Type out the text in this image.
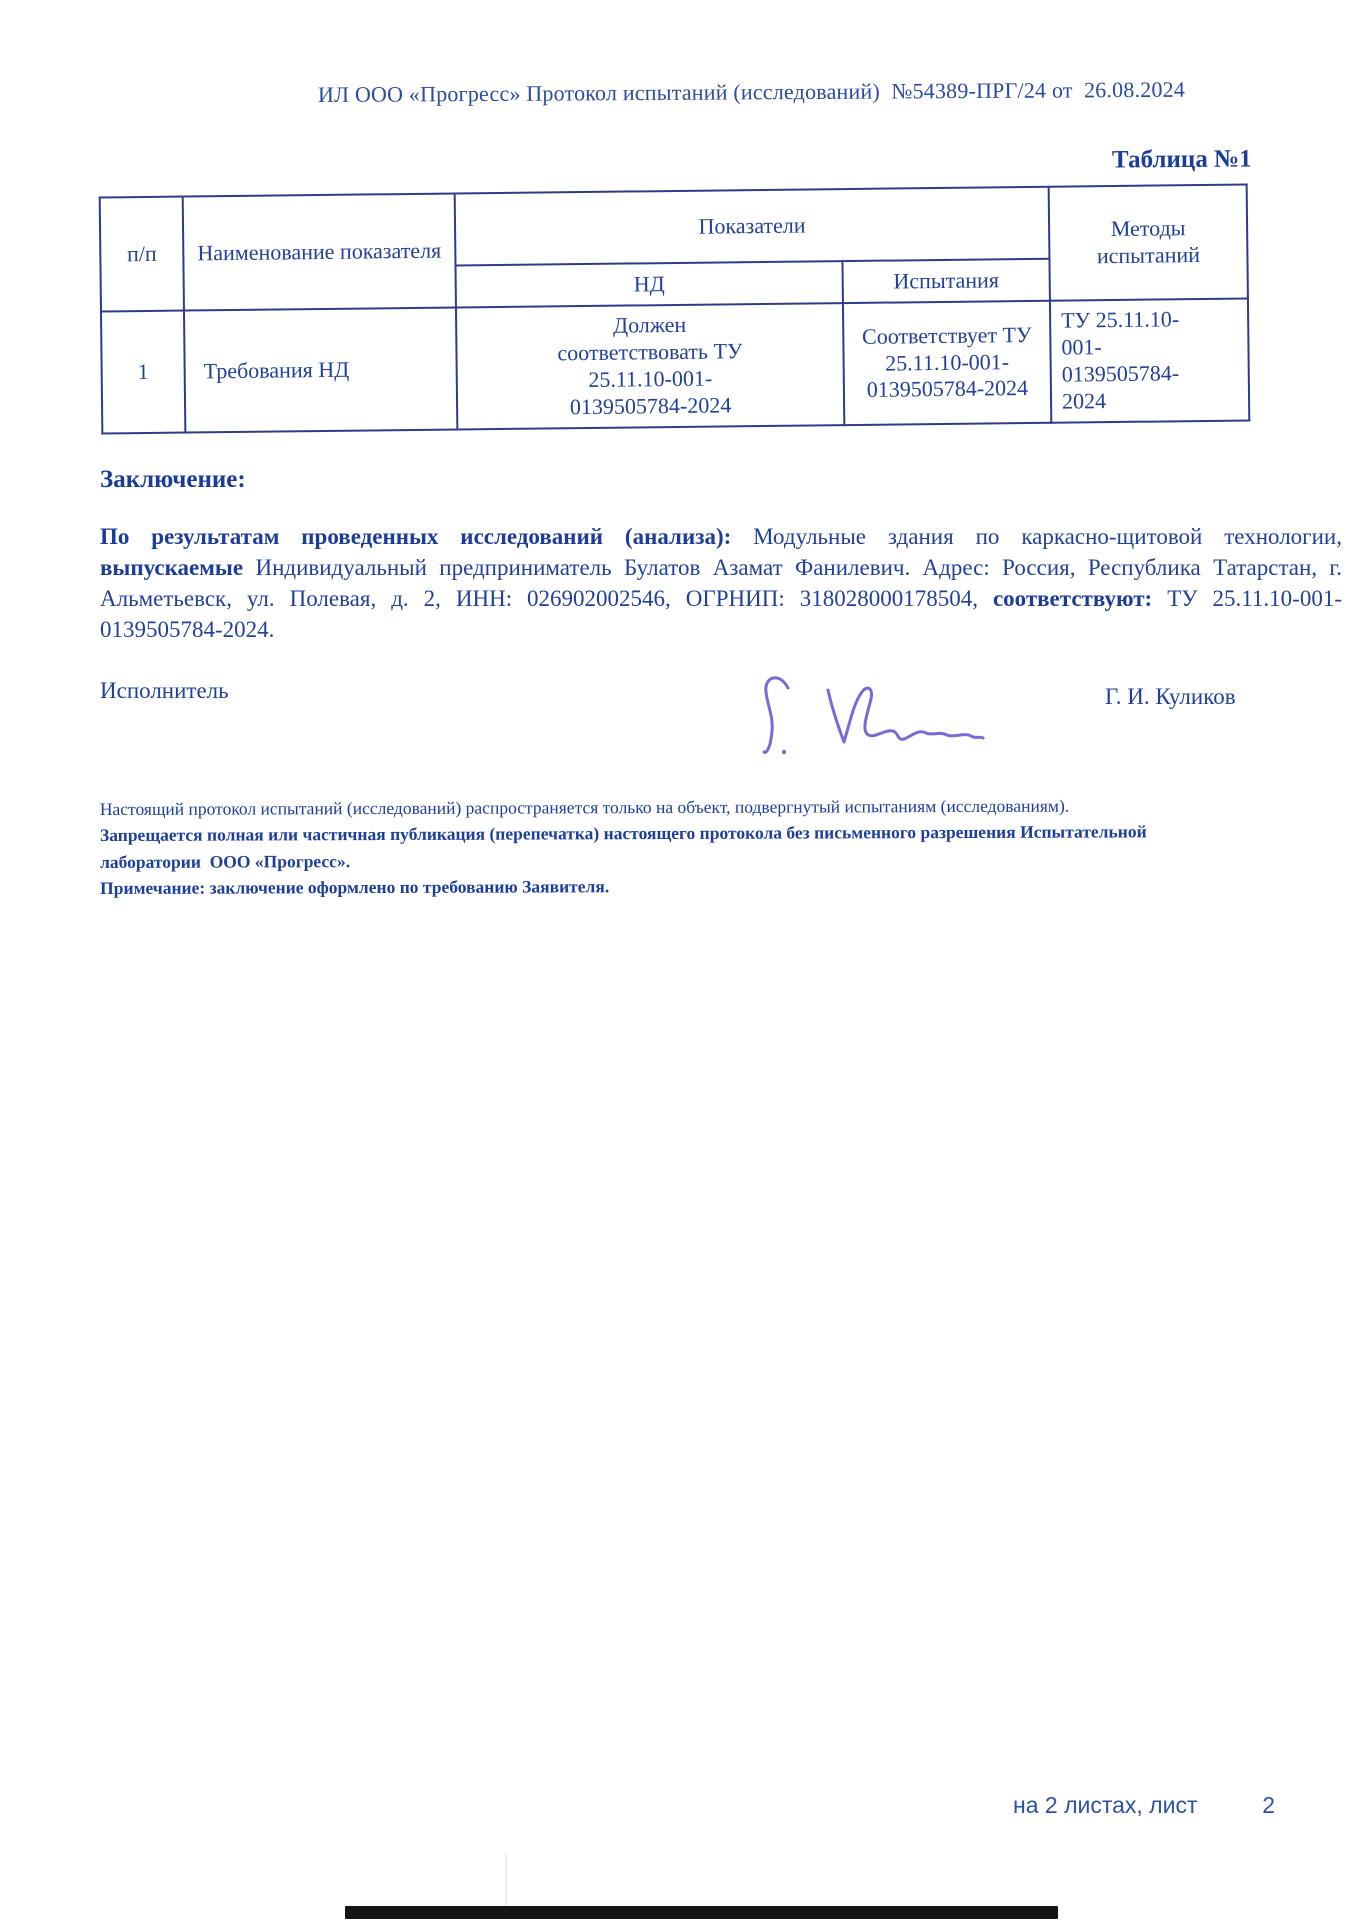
ИЛ ООО «Прогресс» Протокол испытаний (исследований)  №54389-ПРГ/24 от  26.08.2024
Таблица №1
п/п	Наименование показателя	Показатели		Методы
испытаний
		НД	Испытания	
1	Требования НД	Должен
соответствовать ТУ
25.11.10-001-
0139505784-2024	Соответствует ТУ
25.11.10-001-
0139505784-2024	ТУ 25.11.10-
001-
0139505784-
2024
Заключение:

По результатам проведенных исследований (анализа): Модульные здания по каркасно-щитовой технологии, выпускаемые Индивидуальный предприниматель Булатов Азамат Фанилевич. Адрес: Россия, Республика Татарстан, г. Альметьевск, ул. Полевая, д. 2, ИНН: 026902002546, ОГРНИП: 318028000178504, соответствуют: ТУ 25.11.10-001-0139505784-2024.

Исполнитель	Г. И. Куликов
Настоящий протокол испытаний (исследований) распространяется только на объект, подвергнутый испытаниям (исследованиям).
Запрещается полная или частичная публикация (перепечатка) настоящего протокола без письменного разрешения Испытательной
лаборатории  ООО «Прогресс».
Примечание: заключение оформлено по требованию Заявителя.
на 2 листах, лист	2
